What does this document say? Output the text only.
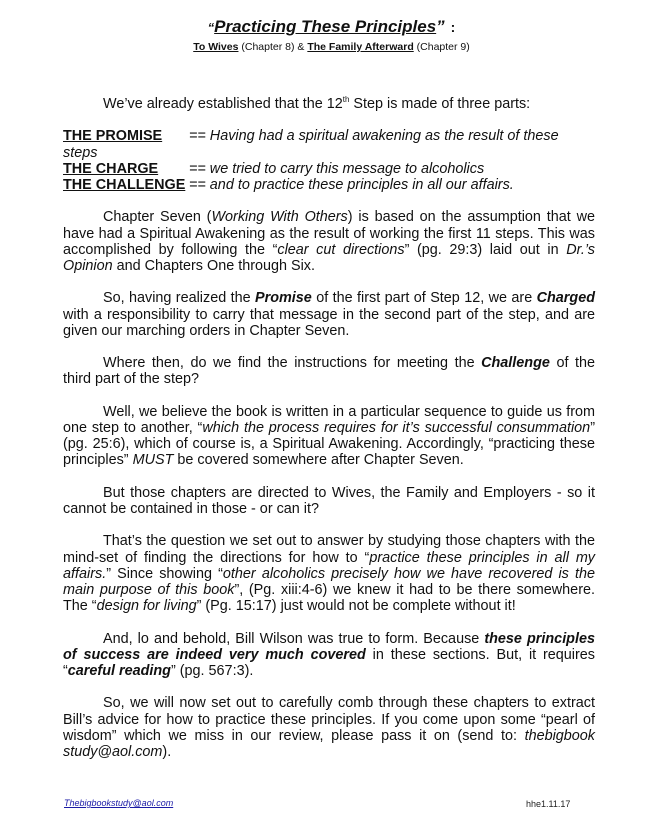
“Practicing These Principles” :
To Wives (Chapter 8) & The Family Afterward (Chapter 9)

We’ve already established that the 12th Step is made of three parts:

THE PROMISE == Having had a spiritual awakening as the result of these steps
THE CHARGE == we tried to carry this message to alcoholics
THE CHALLENGE == and to practice these principles in all our affairs.

Chapter Seven (Working With Others) is based on the assumption that we have had a Spiritual Awakening as the result of working the first 11 steps. This was accomplished by following the “clear cut directions” (pg. 29:3) laid out in Dr.’s Opinion and Chapters One through Six.

So, having realized the Promise of the first part of Step 12, we are Charged with a responsibility to carry that message in the second part of the step, and are given our marching orders in Chapter Seven.

Where then, do we find the instructions for meeting the Challenge of the third part of the step?

Well, we believe the book is written in a particular sequence to guide us from one step to another, “which the process requires for it’s successful consummation” (pg. 25:6), which of course is, a Spiritual Awakening. Accordingly, “practicing these principles” MUST be covered somewhere after Chapter Seven.

But those chapters are directed to Wives, the Family and Employers - so it cannot be contained in those - or can it?

That’s the question we set out to answer by studying those chapters with the mind-set of finding the directions for how to “practice these principles in all my affairs.” Since showing “other alcoholics precisely how we have recovered is the main purpose of this book”, (Pg. xiii:4-6) we knew it had to be there somewhere. The “design for living” (Pg. 15:17) just would not be complete without it!

And, lo and behold, Bill Wilson was true to form. Because these principles of success are indeed very much covered in these sections. But, it requires “careful reading” (pg. 567:3).

So, we will now set out to carefully comb through these chapters to extract Bill’s advice for how to practice these principles. If you come upon some “pearl of wisdom” which we miss in our review, please pass it on (send to: thebigbook study@aol.com).

Thebigbookstudy@aol.com	hhe1.11.17
